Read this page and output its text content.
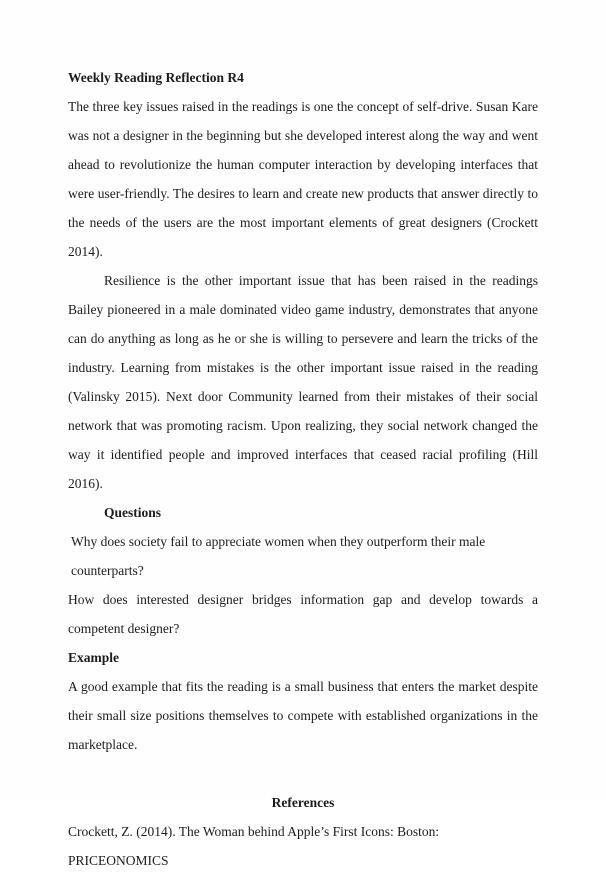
Weekly Reading Reflection R4

The three key issues raised in the readings is one the concept of self-drive. Susan Kare was not a designer in the beginning but she developed interest along the way and went ahead to revolutionize the human computer interaction by developing interfaces that were user-friendly. The desires to learn and create new products that answer directly to the needs of the users are the most important elements of great designers (Crockett 2014).

Resilience is the other important issue that has been raised in the readings Bailey pioneered in a male dominated video game industry, demonstrates that anyone can do anything as long as he or she is willing to persevere and learn the tricks of the industry. Learning from mistakes is the other important issue raised in the reading (Valinsky 2015). Next door Community learned from their mistakes of their social network that was promoting racism. Upon realizing, they social network changed the way it identified people and improved interfaces that ceased racial profiling (Hill 2016).

Questions

Why does society fail to appreciate women when they outperform their male counterparts?

How does interested designer bridges information gap and develop towards a competent designer?

Example

A good example that fits the reading is a small business that enters the market despite their small size positions themselves to compete with established organizations in the marketplace.

References

Crockett, Z. (2014). The Woman behind Apple’s First Icons: Boston: PRICEONOMICS
